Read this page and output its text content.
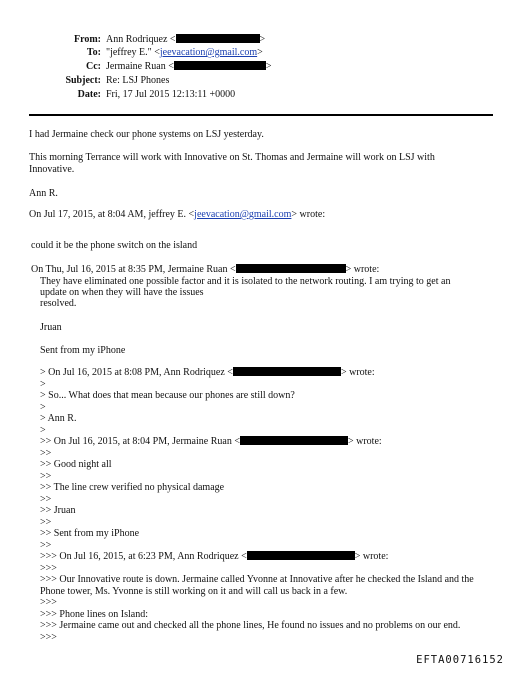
From: Ann Rodriquez <	>
To: "jeffrey E." <jeevacation@gmail.com>
Cc: Jermaine Ruan <	>
Subject: Re: LSJ Phones
Date: Fri, 17 Jul 2015 12:13:11 +0000
I had Jermaine check our phone systems on LSJ yesterday.
This morning Terrance will work with Innovative on St. Thomas and Jermaine will work on LSJ with
Innovative.
Ann R.
On Jul 17, 2015, at 8:04 AM, jeffrey E. <jeevacation@gmail.com> wrote:
could it be the phone switch on the island
On Thu, Jul 16, 2015 at 8:35 PM, Jermaine Ruan <	> wrote:
They have eliminated one possible factor and it is isolated to the network routing. I am trying to get an
update on when they will have the issues
resolved.
Jruan
Sent from my iPhone
> On Jul 16, 2015 at 8:08 PM, Ann Rodriquez <	> wrote:
>
> So... What does that mean because our phones are still down?
>
> Ann R.
>
>> On Jul 16, 2015, at 8:04 PM, Jermaine Ruan <	> wrote:
>>
>> Good night all
>>
>> The line crew verified no physical damage
>>
>> Jruan
>>
>> Sent from my iPhone
>>
>>> On Jul 16, 2015, at 6:23 PM, Ann Rodriquez <	> wrote:
>>>
>>> Our Innovative route is down. Jermaine called Yvonne at Innovative after he checked the Island and the
Phone tower, Ms. Yvonne is still working on it and will call us back in a few.
>>>
>>> Phone lines on Island:
>>> Jermaine came out and checked all the phone lines, He found no issues and no problems on our end.
>>>
EFTA00716152
